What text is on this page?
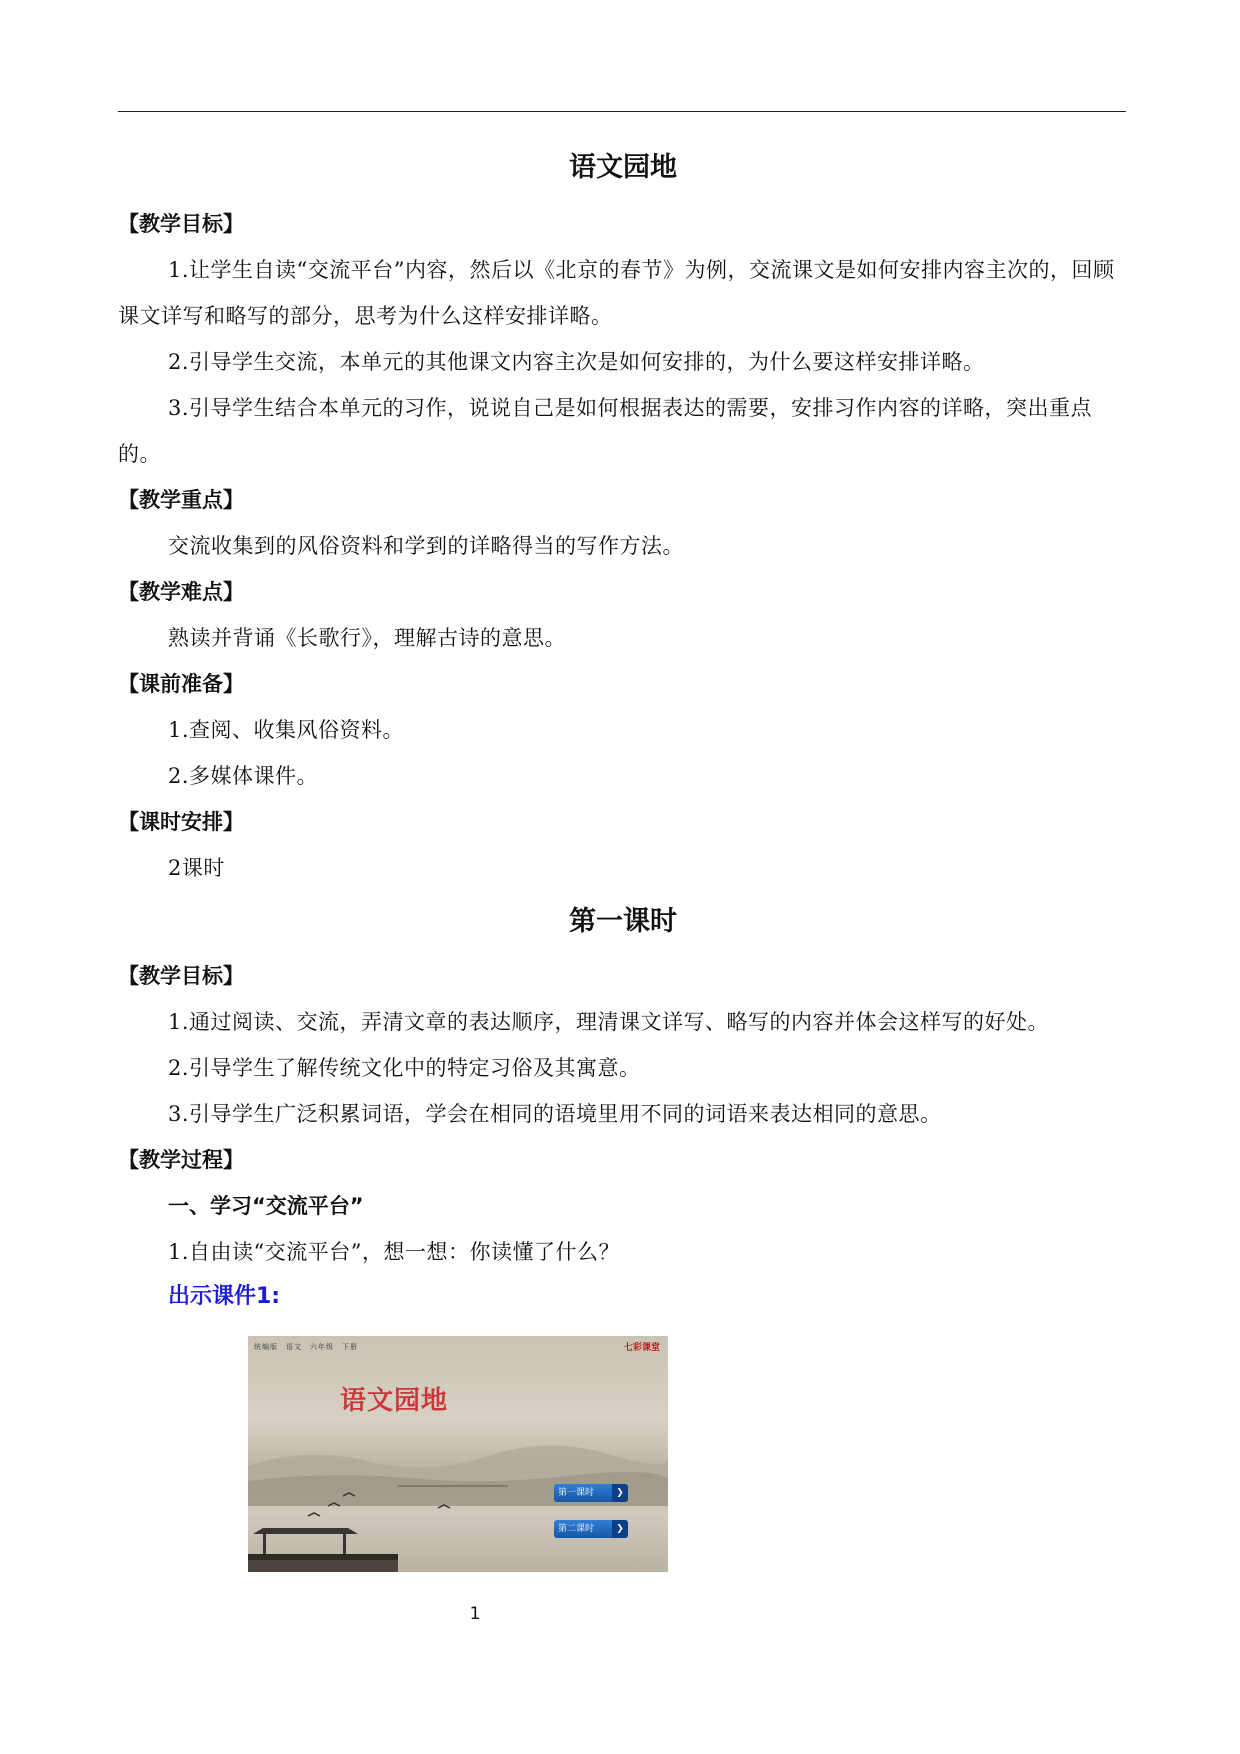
语文园地
【教学目标】
1.让学生自读“交流平台”内容，然后以《北京的春节》为例，交流课文是如何安排内容主次的，回顾课文详写和略写的部分，思考为什么这样安排详略。
2.引导学生交流，本单元的其他课文内容主次是如何安排的，为什么要这样安排详略。
3.引导学生结合本单元的习作，说说自己是如何根据表达的需要，安排习作内容的详略，突出重点的。
【教学重点】
交流收集到的风俗资料和学到的详略得当的写作方法。
【教学难点】
熟读并背诵《长歌行》，理解古诗的意思。
【课前准备】
1.查阅、收集风俗资料。
2.多媒体课件。
【课时安排】
2课时
第一课时
【教学目标】
1.通过阅读、交流，弄清文章的表达顺序，理清课文详写、略写的内容并体会这样写的好处。
2.引导学生了解传统文化中的特定习俗及其寓意。
3.引导学生广泛积累词语，学会在相同的语境里用不同的词语来表达相同的意思。
【教学过程】
一、学习“交流平台”
1.自由读“交流平台”，想一想：你读懂了什么？
出示课件1:
统编版　语文　六年级　下册	七彩课堂
语文园地
第一课时	❯
第二课时	❯
1
